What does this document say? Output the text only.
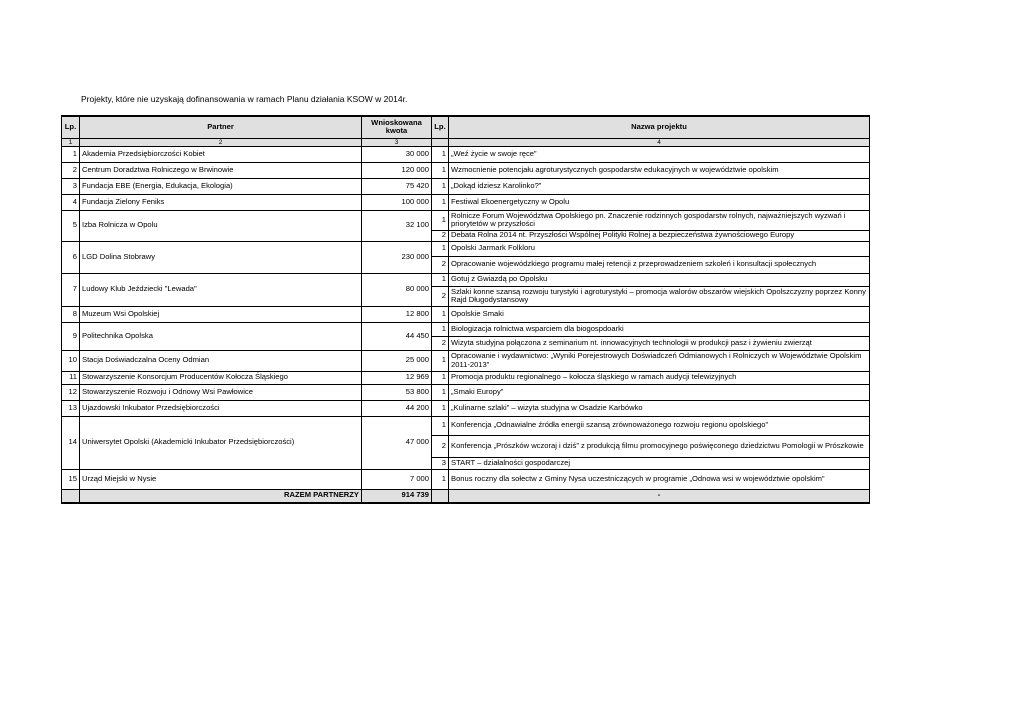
Projekty, które nie uzyskają dofinansowania w ramach Planu działania KSOW w 2014r.
Lp.	Partner	Wnioskowana kwota	Lp.	Nazwa projektu
1	2	3		4
1	Akademia Przedsiębiorczości Kobiet	30 000	1	„Weź życie w swoje ręce”
2	Centrum Doradztwa Rolniczego w Brwinowie	120 000	1	Wzmocnienie potencjału agroturystycznych gospodarstw edukacyjnych w województwie opolskim
3	Fundacja EBE (Energia, Edukacja, Ekologia)	75 420	1	„Dokąd idziesz Karolinko?”
4	Fundacja Zielony Feniks	100 000	1	Festiwal Ekoenergetyczny w Opolu
5	Izba Rolnicza w Opolu	32 100	1	Rolnicze Forum Województwa Opolskiego pn. Znaczenie rodzinnych gospodarstw rolnych, najważniejszych wyzwań i priorytetów w przyszłości
			2	Debata Rolna 2014 nt. Przyszłości Wspólnej Polityki Rolnej a bezpieczeństwa żywnościowego Europy
6	LGD Dolina Stobrawy	230 000	1	Opolski Jarmark Folkloru
			2	Opracowanie wojewódzkiego programu małej retencji z przeprowadzeniem szkoleń i konsultacji społecznych
7	Ludowy Klub Jeździecki "Lewada"	80 000	1	Gotuj z Gwiazdą po Opolsku
			2	Szlaki konne szansą rozwoju turystyki i agroturystyki – promocja walorów obszarów wiejskich Opolszczyzny poprzez Konny Rajd Długodystansowy
8	Muzeum Wsi Opolskiej	12 800	1	Opolskie Smaki
9	Politechnika Opolska	44 450	1	Biologizacja rolnictwa wsparciem dla biogospdoarki
			2	Wizyta studyjna połączona z seminarium nt. innowacyjnych technologii w produkcji pasz i żywieniu zwierząt
10	Stacja Doświadczalna Oceny Odmian	25 000	1	Opracowanie i wydawnictwo: „Wyniki Porejestrowych Doświadczeń Odmianowych i Rolniczych w Województwie Opolskim 2011-2013”
11	Stowarzyszenie Konsorcjum Producentów Kołocza Śląskiego	12 969	1	Promocja produktu regionalnego – kołocza śląskiego w ramach audycji telewizyjnych
12	Stowarzyszenie Rozwoju i Odnowy Wsi Pawłowice	53 800	1	„Smaki Europy”
13	Ujazdowski Inkubator Przedsiębiorczości	44 200	1	„Kulinarne szlaki” – wizyta studyjna w Osadzie Karbówko
14	Uniwersytet Opolski (Akademicki Inkubator Przedsiębiorczości)	47 000	1	Konferencja „Odnawialne źródła energii szansą zrównoważonego rozwoju regionu opolskiego”
			2	Konferencja „Prószków wczoraj i dziś” z produkcją filmu promocyjnego poświęconego dziedzictwu Pomologii w Prószkowie
			3	START – działalności gospodarczej
15	Urząd Miejski w Nysie	7 000	1	Bonus roczny dla sołectw z Gminy Nysa uczestniczących w programie „Odnowa wsi w województwie opolskim”
	RAZEM PARTNERZY	914 739		-
